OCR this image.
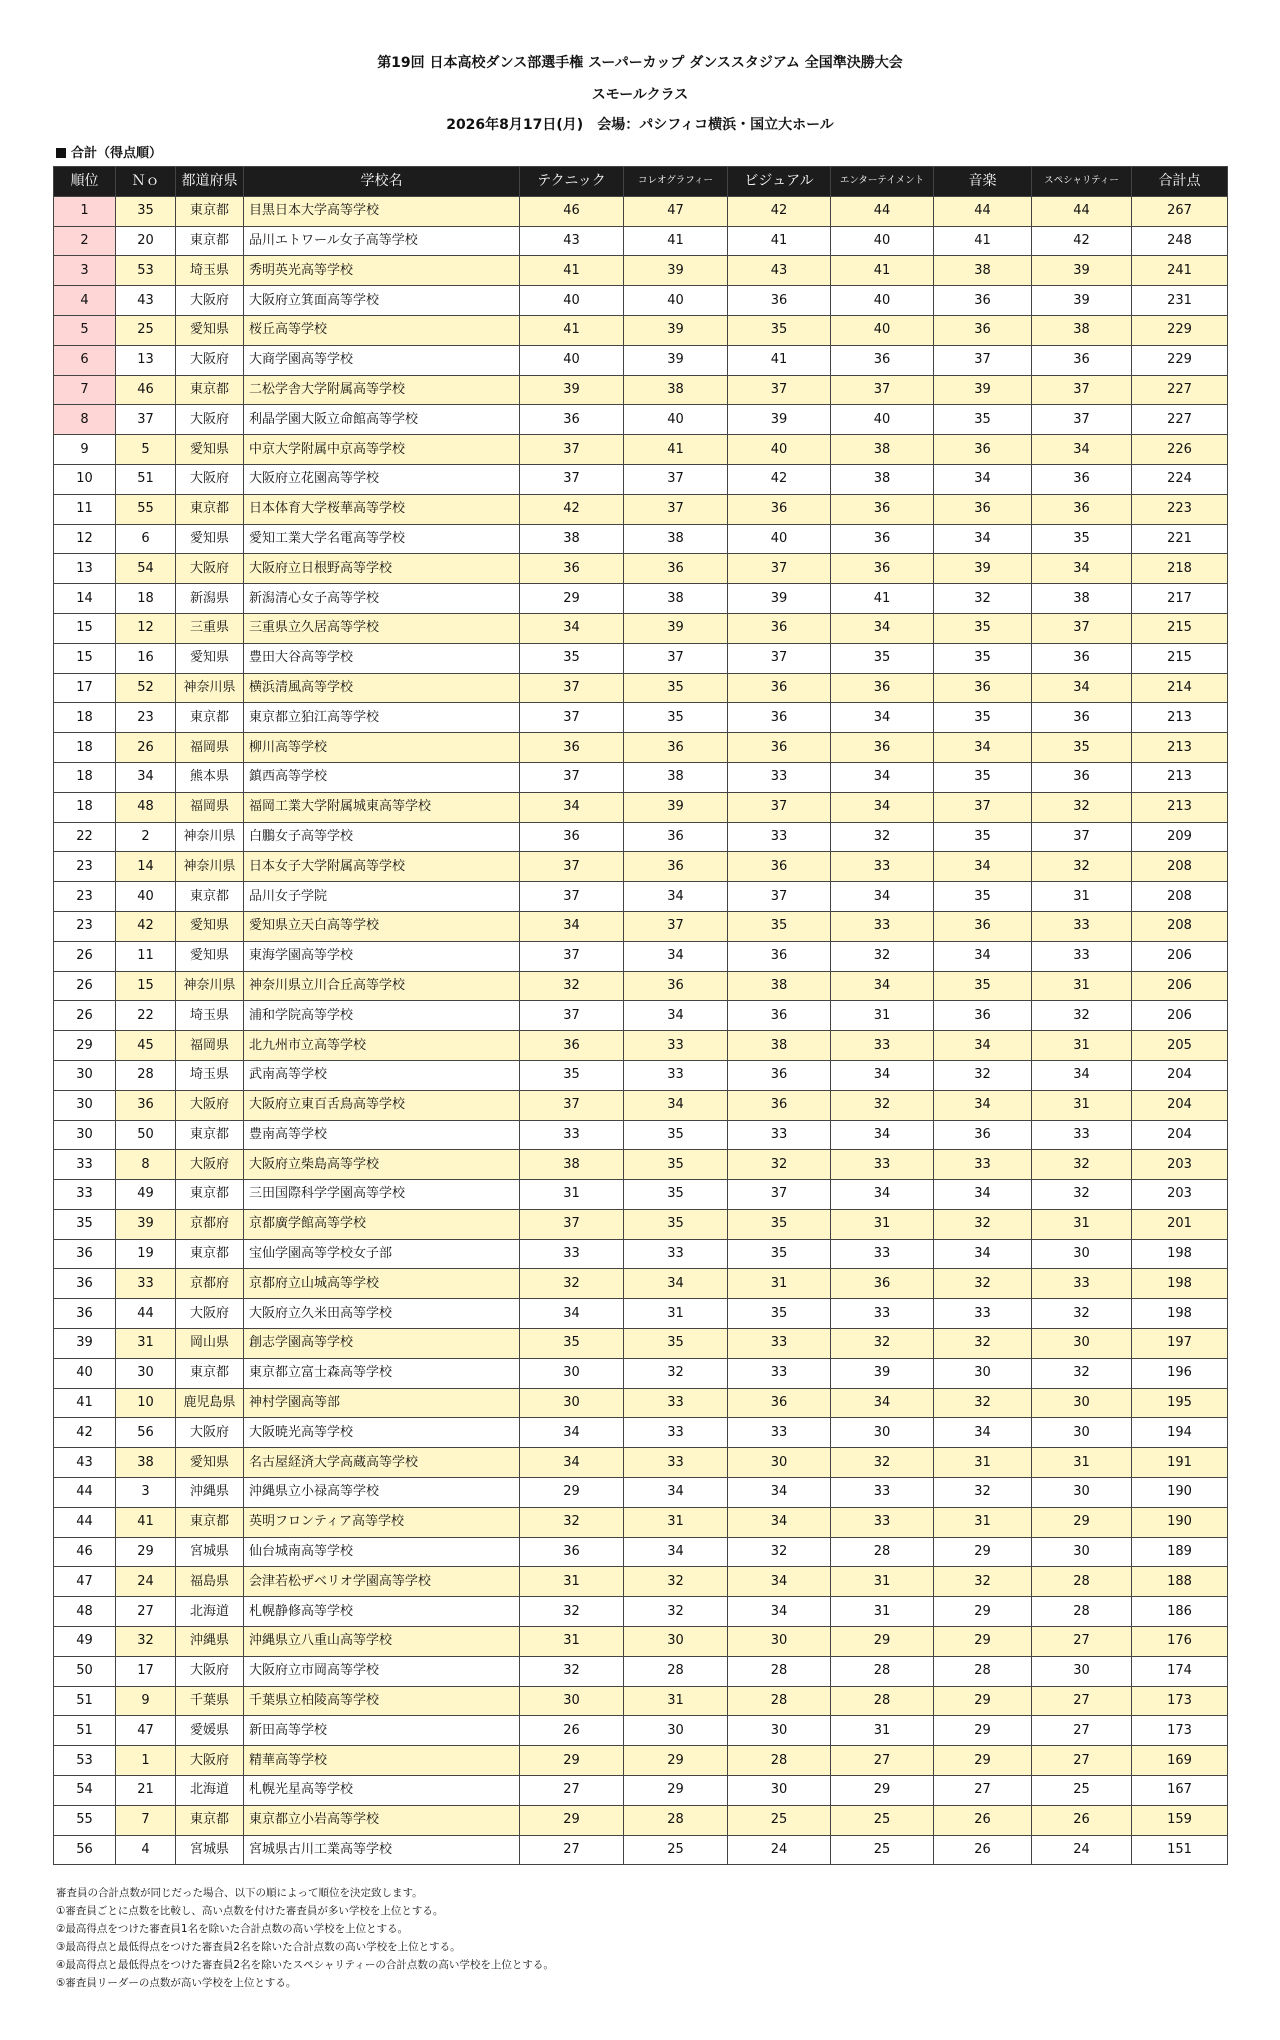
第19回 日本高校ダンス部選手権 スーパーカップ ダンススタジアム 全国準決勝大会
スモールクラス
2026年8月17日(月)　会場：パシフィコ横浜・国立大ホール
合計（得点順）
順位	Ｎｏ	都道府県	学校名	テクニック	コレオグラフィー	ビジュアル	エンターテイメント	音楽	スペシャリティー	合計点
1	35	東京都	目黒日本大学高等学校	46	47	42	44	44	44	267
2	20	東京都	品川エトワール女子高等学校	43	41	41	40	41	42	248
3	53	埼玉県	秀明英光高等学校	41	39	43	41	38	39	241
4	43	大阪府	大阪府立箕面高等学校	40	40	36	40	36	39	231
5	25	愛知県	桜丘高等学校	41	39	35	40	36	38	229
6	13	大阪府	大商学園高等学校	40	39	41	36	37	36	229
7	46	東京都	二松学舎大学附属高等学校	39	38	37	37	39	37	227
8	37	大阪府	利晶学園大阪立命館高等学校	36	40	39	40	35	37	227
9	5	愛知県	中京大学附属中京高等学校	37	41	40	38	36	34	226
10	51	大阪府	大阪府立花園高等学校	37	37	42	38	34	36	224
11	55	東京都	日本体育大学桜華高等学校	42	37	36	36	36	36	223
12	6	愛知県	愛知工業大学名電高等学校	38	38	40	36	34	35	221
13	54	大阪府	大阪府立日根野高等学校	36	36	37	36	39	34	218
14	18	新潟県	新潟清心女子高等学校	29	38	39	41	32	38	217
15	12	三重県	三重県立久居高等学校	34	39	36	34	35	37	215
15	16	愛知県	豊田大谷高等学校	35	37	37	35	35	36	215
17	52	神奈川県	横浜清風高等学校	37	35	36	36	36	34	214
18	23	東京都	東京都立狛江高等学校	37	35	36	34	35	36	213
18	26	福岡県	柳川高等学校	36	36	36	36	34	35	213
18	34	熊本県	鎮西高等学校	37	38	33	34	35	36	213
18	48	福岡県	福岡工業大学附属城東高等学校	34	39	37	34	37	32	213
22	2	神奈川県	白鵬女子高等学校	36	36	33	32	35	37	209
23	14	神奈川県	日本女子大学附属高等学校	37	36	36	33	34	32	208
23	40	東京都	品川女子学院	37	34	37	34	35	31	208
23	42	愛知県	愛知県立天白高等学校	34	37	35	33	36	33	208
26	11	愛知県	東海学園高等学校	37	34	36	32	34	33	206
26	15	神奈川県	神奈川県立川合丘高等学校	32	36	38	34	35	31	206
26	22	埼玉県	浦和学院高等学校	37	34	36	31	36	32	206
29	45	福岡県	北九州市立高等学校	36	33	38	33	34	31	205
30	28	埼玉県	武南高等学校	35	33	36	34	32	34	204
30	36	大阪府	大阪府立東百舌鳥高等学校	37	34	36	32	34	31	204
30	50	東京都	豊南高等学校	33	35	33	34	36	33	204
33	8	大阪府	大阪府立柴島高等学校	38	35	32	33	33	32	203
33	49	東京都	三田国際科学学園高等学校	31	35	37	34	34	32	203
35	39	京都府	京都廣学館高等学校	37	35	35	31	32	31	201
36	19	東京都	宝仙学園高等学校女子部	33	33	35	33	34	30	198
36	33	京都府	京都府立山城高等学校	32	34	31	36	32	33	198
36	44	大阪府	大阪府立久米田高等学校	34	31	35	33	33	32	198
39	31	岡山県	創志学園高等学校	35	35	33	32	32	30	197
40	30	東京都	東京都立富士森高等学校	30	32	33	39	30	32	196
41	10	鹿児島県	神村学園高等部	30	33	36	34	32	30	195
42	56	大阪府	大阪暁光高等学校	34	33	33	30	34	30	194
43	38	愛知県	名古屋経済大学高蔵高等学校	34	33	30	32	31	31	191
44	3	沖縄県	沖縄県立小禄高等学校	29	34	34	33	32	30	190
44	41	東京都	英明フロンティア高等学校	32	31	34	33	31	29	190
46	29	宮城県	仙台城南高等学校	36	34	32	28	29	30	189
47	24	福島県	会津若松ザベリオ学園高等学校	31	32	34	31	32	28	188
48	27	北海道	札幌静修高等学校	32	32	34	31	29	28	186
49	32	沖縄県	沖縄県立八重山高等学校	31	30	30	29	29	27	176
50	17	大阪府	大阪府立市岡高等学校	32	28	28	28	28	30	174
51	9	千葉県	千葉県立柏陵高等学校	30	31	28	28	29	27	173
51	47	愛媛県	新田高等学校	26	30	30	31	29	27	173
53	1	大阪府	精華高等学校	29	29	28	27	29	27	169
54	21	北海道	札幌光星高等学校	27	29	30	29	27	25	167
55	7	東京都	東京都立小岩高等学校	29	28	25	25	26	26	159
56	4	宮城県	宮城県古川工業高等学校	27	25	24	25	26	24	151
審査員の合計点数が同じだった場合、以下の順によって順位を決定致します。
①審査員ごとに点数を比較し、高い点数を付けた審査員が多い学校を上位とする。
②最高得点をつけた審査員1名を除いた合計点数の高い学校を上位とする。
③最高得点と最低得点をつけた審査員2名を除いた合計点数の高い学校を上位とする。
④最高得点と最低得点をつけた審査員2名を除いたスペシャリティーの合計点数の高い学校を上位とする。
⑤審査員リーダーの点数が高い学校を上位とする。
